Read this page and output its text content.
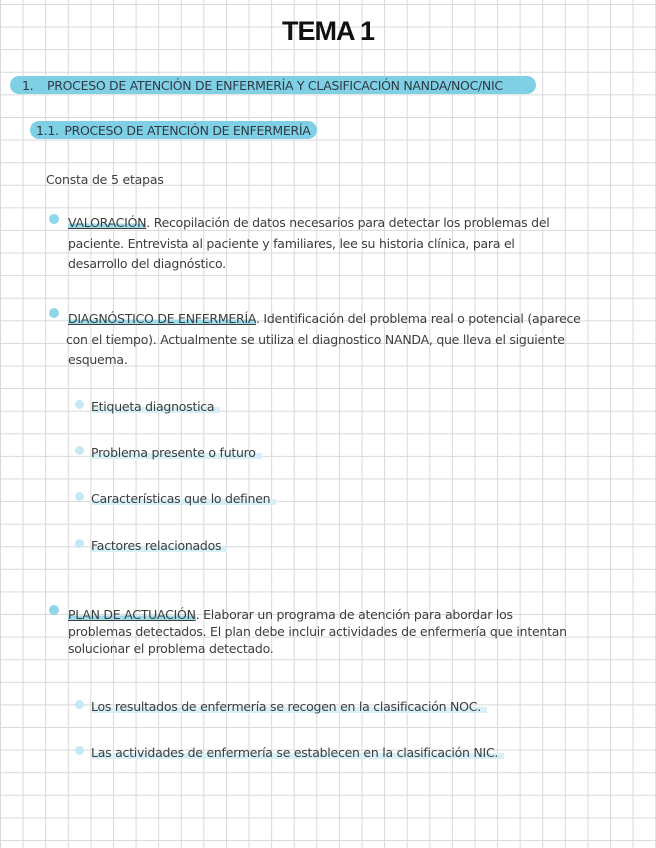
TEMA 1
1. PROCESO DE ATENCIÓN DE ENFERMERÍA Y CLASIFICACIÓN NANDA/NOC/NIC
1.1. PROCESO DE ATENCIÓN DE ENFERMERÍA
Consta de 5 etapas
VALORACIÓN. Recopilación de datos necesarios para detectar los problemas del
paciente. Entrevista al paciente y familiares, lee su historia clínica, para el
desarrollo del diagnóstico.
DIAGNÓSTICO DE ENFERMERÍA. Identificación del problema real o potencial (aparece
con el tiempo). Actualmente se utiliza el diagnostico NANDA, que lleva el siguiente
esquema.
Etiqueta diagnostica
Problema presente o futuro
Características que lo definen
Factores relacionados
PLAN DE ACTUACIÓN. Elaborar un programa de atención para abordar los
problemas detectados. El plan debe incluir actividades de enfermería que intentan
solucionar el problema detectado.
Los resultados de enfermería se recogen en la clasificación NOC.
Las actividades de enfermería se establecen en la clasificación NIC.
